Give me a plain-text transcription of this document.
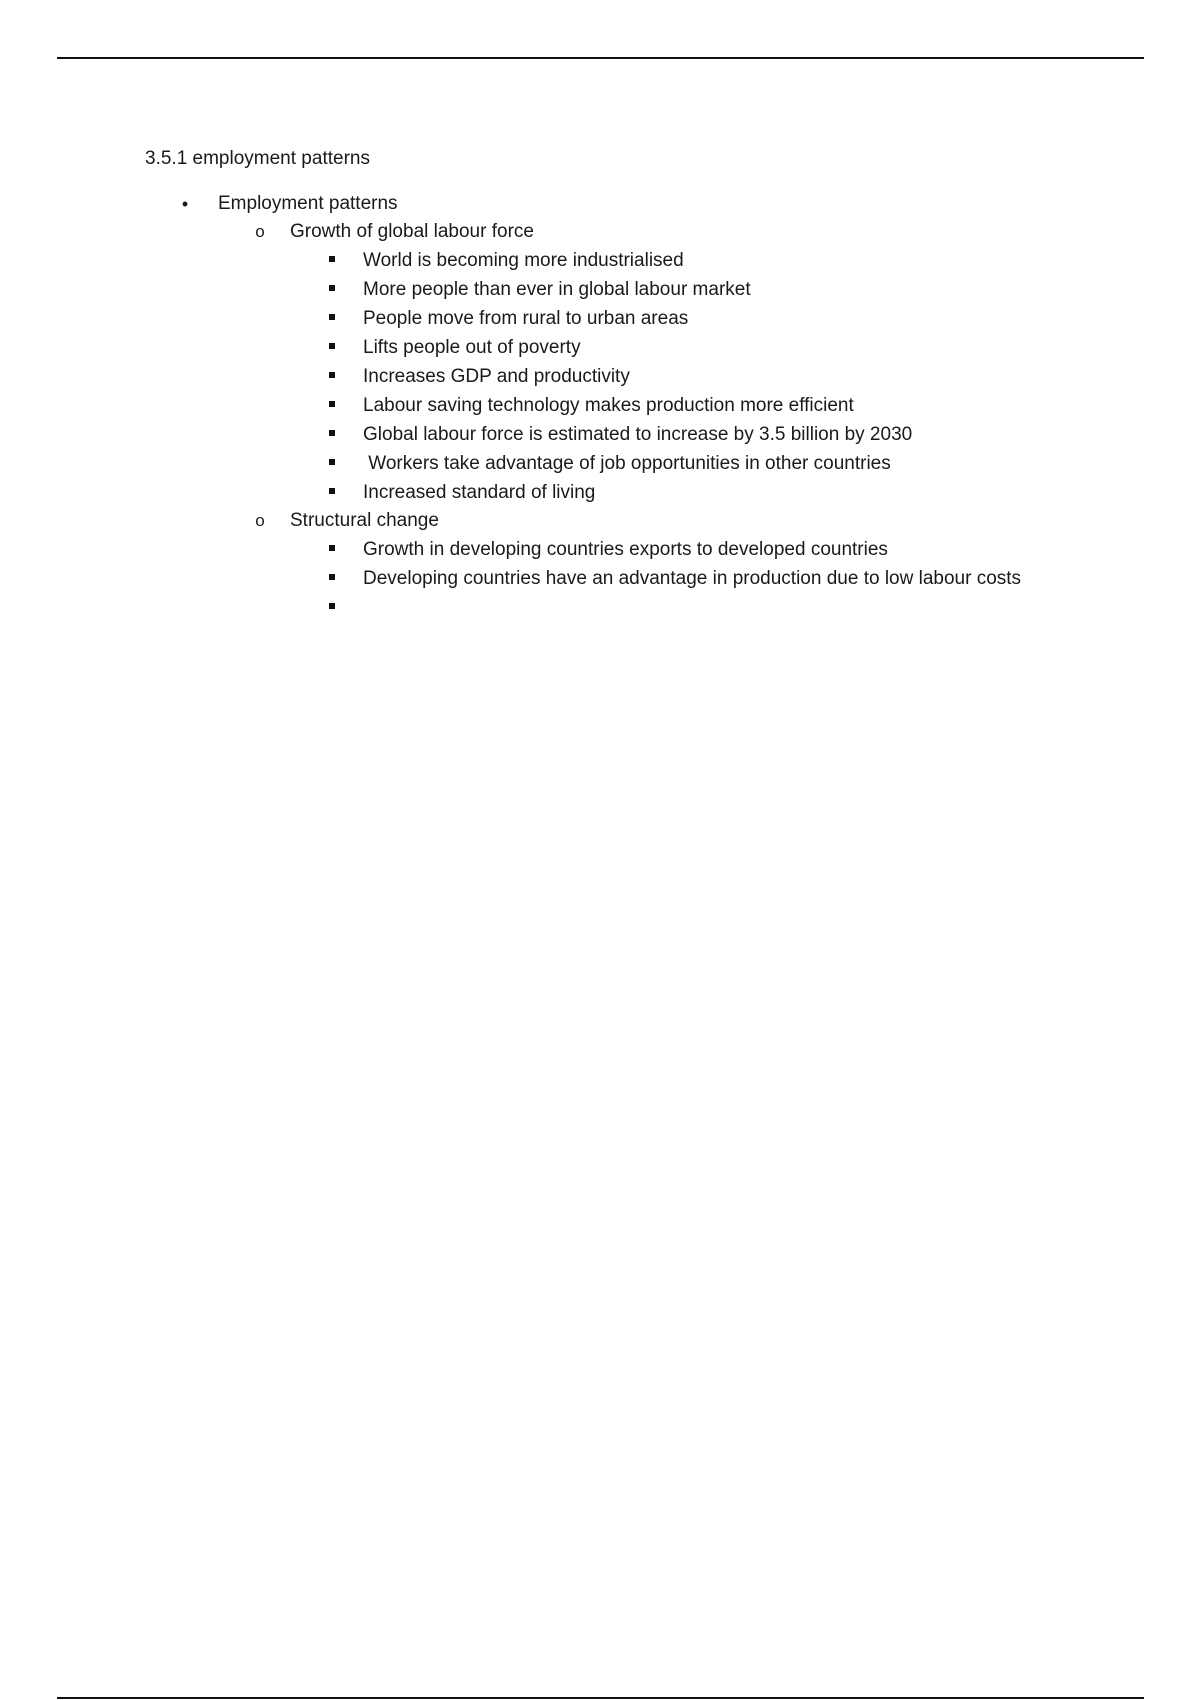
3.5.1 employment patterns
•	Employment patterns
o Growth of global labour force
World is becoming more industrialised
More people than ever in global labour market
People move from rural to urban areas
Lifts people out of poverty
Increases GDP and productivity
Labour saving technology makes production more efficient
Global labour force is estimated to increase by 3.5 billion by 2030
Workers take advantage of job opportunities in other countries
Increased standard of living
o Structural change
Growth in developing countries exports to developed countries
Developing countries have an advantage in production due to low labour costs
